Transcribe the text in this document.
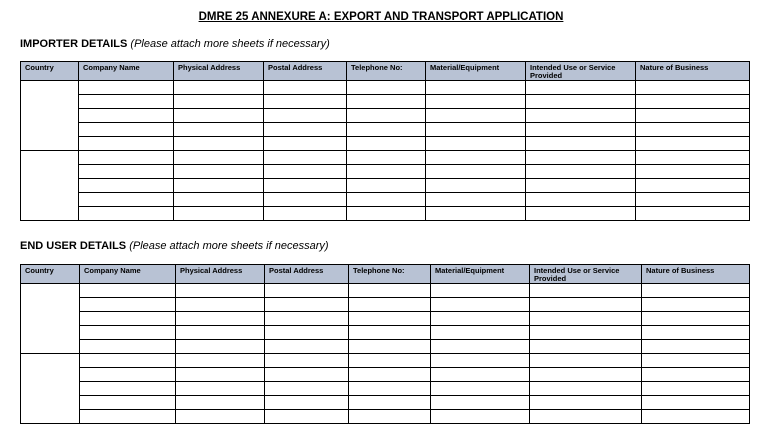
DMRE 25 ANNEXURE A: EXPORT AND TRANSPORT APPLICATION
IMPORTER DETAILS (Please attach more sheets if necessary)
Country	Company Name	Physical Address	Postal Address	Telephone No:	Material/Equipment	Intended Use or Service Provided	Nature of Business

END USER DETAILS (Please attach more sheets if necessary)
Country	Company Name	Physical Address	Postal Address	Telephone No:	Material/Equipment	Intended Use or Service Provided	Nature of Business
